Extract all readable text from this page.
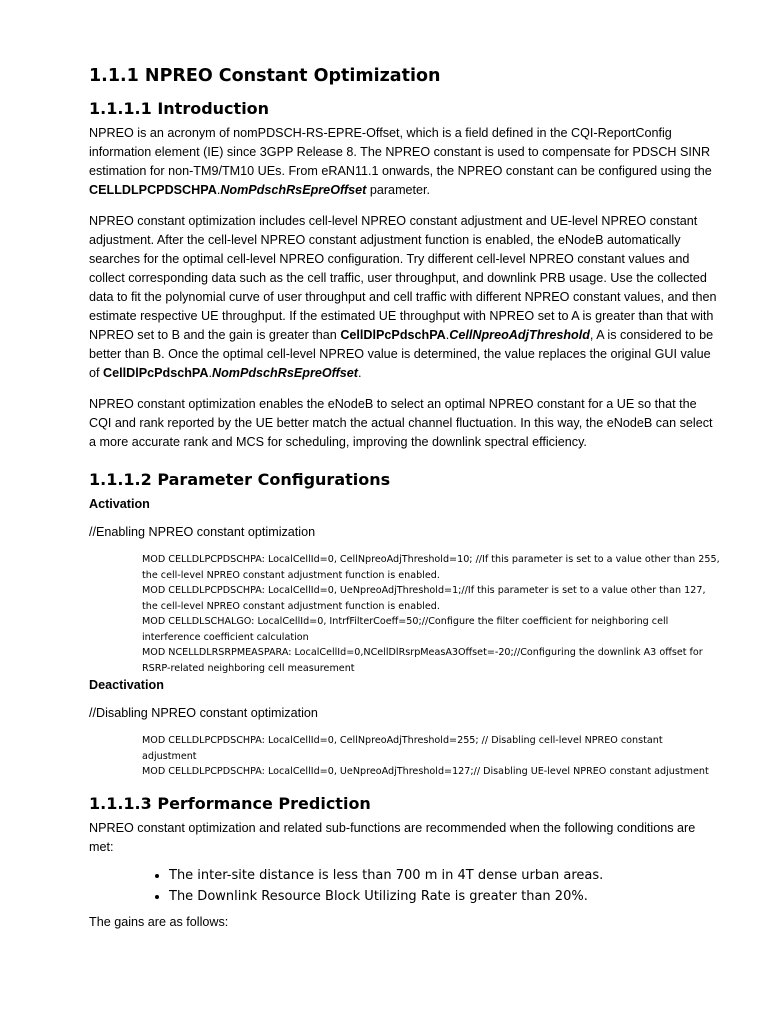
1.1.1 NPREO Constant Optimization
1.1.1.1 Introduction

NPREO is an acronym of nomPDSCH-RS-EPRE-Offset, which is a field defined in the CQI-ReportConfig information element (IE) since 3GPP Release 8. The NPREO constant is used to compensate for PDSCH SINR estimation for non-TM9/TM10 UEs. From eRAN11.1 onwards, the NPREO constant can be configured using the CELLDLPCPDSCHPA.NomPdschRsEpreOffset parameter.

NPREO constant optimization includes cell-level NPREO constant adjustment and UE-level NPREO constant adjustment. After the cell-level NPREO constant adjustment function is enabled, the eNodeB automatically searches for the optimal cell-level NPREO configuration. Try different cell-level NPREO constant values and collect corresponding data such as the cell traffic, user throughput, and downlink PRB usage. Use the collected data to fit the polynomial curve of user throughput and cell traffic with different NPREO constant values, and then estimate respective UE throughput. If the estimated UE throughput with NPREO set to A is greater than that with NPREO set to B and the gain is greater than CellDlPcPdschPA.CellNpreoAdjThreshold, A is considered to be better than B. Once the optimal cell-level NPREO value is determined, the value replaces the original GUI value of CellDlPcPdschPA.NomPdschRsEpreOffset.

NPREO constant optimization enables the eNodeB to select an optimal NPREO constant for a UE so that the CQI and rank reported by the UE better match the actual channel fluctuation. In this way, the eNodeB can select a more accurate rank and MCS for scheduling, improving the downlink spectral efficiency.

1.1.1.2 Parameter Configurations

Activation

//Enabling NPREO constant optimization

MOD CELLDLPCPDSCHPA: LocalCellId=0, CellNpreoAdjThreshold=10; //If this parameter is set to a value other than 255, the cell-level NPREO constant adjustment function is enabled.
MOD CELLDLPCPDSCHPA: LocalCellId=0, UeNpreoAdjThreshold=1;//If this parameter is set to a value other than 127, the cell-level NPREO constant adjustment function is enabled.
MOD CELLDLSCHALGO: LocalCellId=0, IntrfFilterCoeff=50;//Configure the filter coefficient for neighboring cell interference coefficient calculation
MOD NCELLDLRSRPMEASPARA: LocalCellId=0,NCellDlRsrpMeasA3Offset=-20;//Configuring the downlink A3 offset for RSRP-related neighboring cell measurement

Deactivation

//Disabling NPREO constant optimization

MOD CELLDLPCPDSCHPA: LocalCellId=0, CellNpreoAdjThreshold=255; // Disabling cell-level NPREO constant adjustment
MOD CELLDLPCPDSCHPA: LocalCellId=0, UeNpreoAdjThreshold=127;// Disabling UE-level NPREO constant adjustment
1.1.1.3 Performance Prediction

NPREO constant optimization and related sub-functions are recommended when the following conditions are met:

• The inter-site distance is less than 700 m in 4T dense urban areas.
• The Downlink Resource Block Utilizing Rate is greater than 20%.

The gains are as follows:
